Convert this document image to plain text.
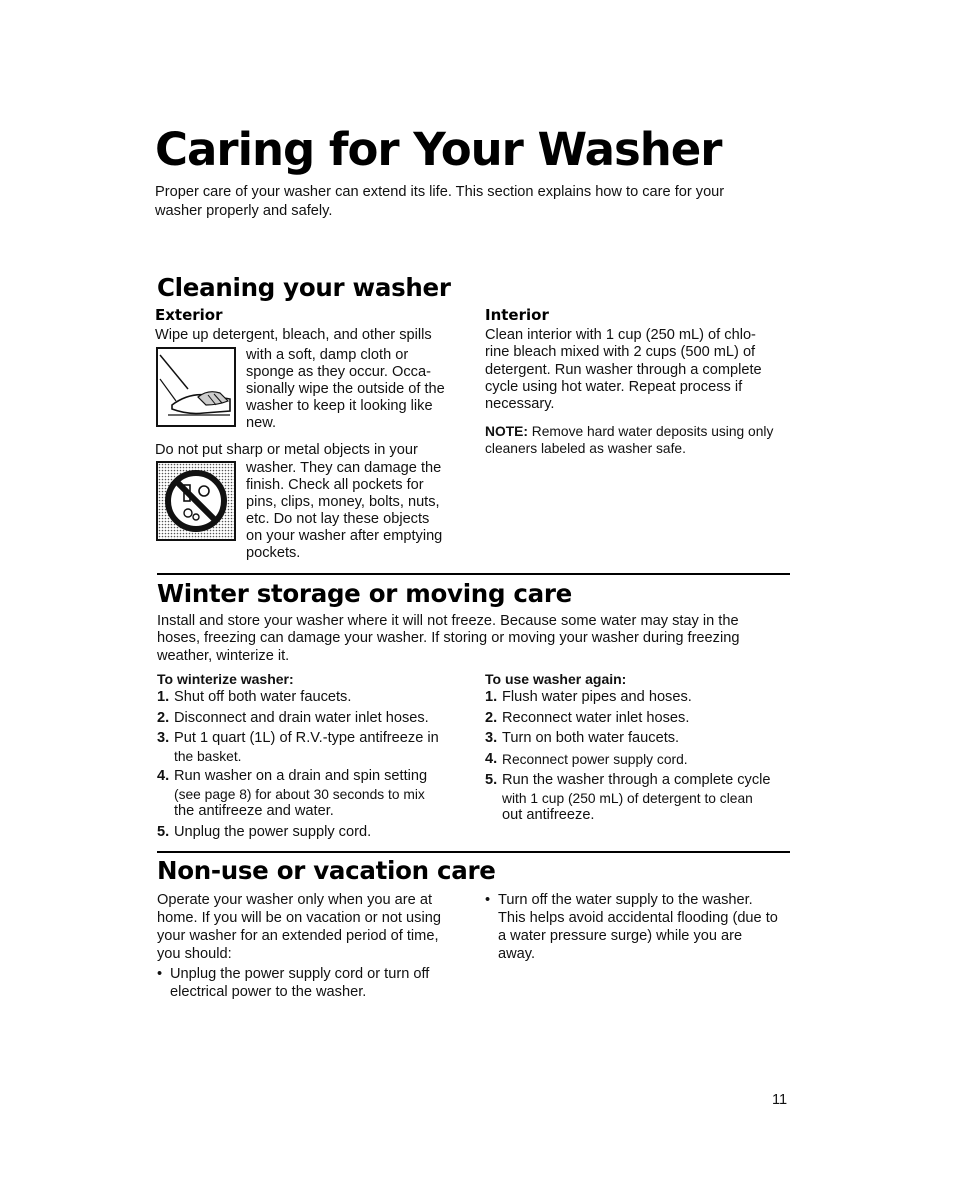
Caring for Your Washer

Proper care of your washer can extend its life. This section explains how to care for your washer properly and safely.

Cleaning your washer
Exterior

Wipe up detergent, bleach, and other spills

with a soft, damp cloth or

sponge as they occur. Occa-

sionally wipe the outside of the

washer to keep it looking like

new.

Do not put sharp or metal objects in your

washer. They can damage the

finish. Check all pockets for

pins, clips, money, bolts, nuts,

etc. Do not lay these objects

on your washer after emptying

pockets.

Interior

Clean interior with 1 cup (250 mL) of chlo-rine bleach mixed with 2 cups (500 mL) of detergent. Run washer through a complete cycle using hot water. Repeat process if necessary.

NOTE: Remove hard water deposits using only cleaners labeled as washer safe.

Winter storage or moving care

Install and store your washer where it will not freeze. Because some water may stay in the hoses, freezing can damage your washer. If storing or moving your washer during freezing weather, winterize it.

To winterize washer:

1. Shut off both water faucets.
2. Disconnect and drain water inlet hoses.
3. Put 1 quart (1L) of R.V.-type antifreeze in
the basket.
4. Run washer on a drain and spin setting
(see page 8) for about 30 seconds to mix
the antifreeze and water.
5. Unplug the power supply cord.

To use washer again:

1. Flush water pipes and hoses.
2. Reconnect water inlet hoses.
3. Turn on both water faucets.
4. Reconnect power supply cord.
5. Run the washer through a complete cycle
with 1 cup (250 mL) of detergent to clean
out antifreeze.
Non-use or vacation care

Operate your washer only when you are at home. If you will be on vacation or not using your washer for an extended period of time, you should:

• Unplug the power supply cord or turn off electrical power to the washer.
• Turn off the water supply to the washer. This helps avoid accidental flooding (due to a water pressure surge) while you are away.

11
